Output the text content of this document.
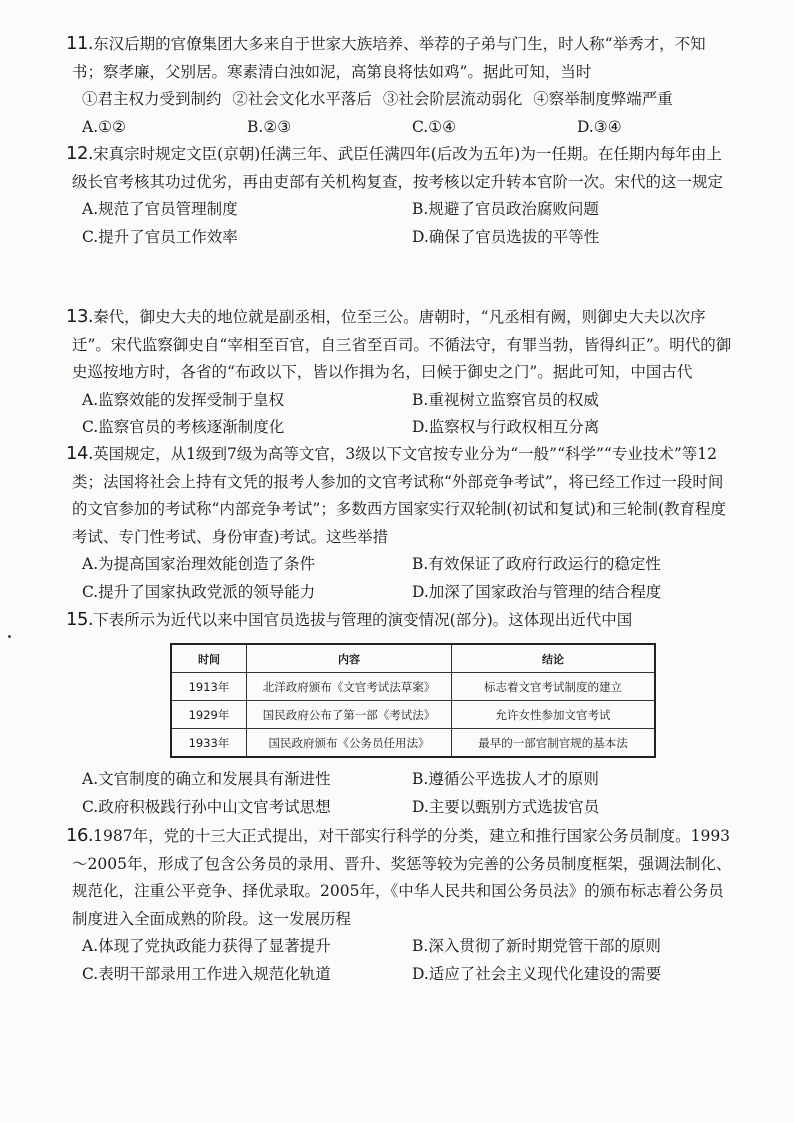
11.东汉后期的官僚集团大多来自于世家大族培养、举荐的子弟与门生，时人称“举秀才，不知书；察孝廉，父别居。寒素清白浊如泥，高第良将怯如鸡”。据此可知，当时
①君主权力受到制约 ②社会文化水平落后 ③社会阶层流动弱化 ④察举制度弊端严重
A.①②	B.②③	C.①④	D.③④
12.宋真宗时规定文臣(京朝)任满三年、武臣任满四年(后改为五年)为一任期。在任期内每年由上级长官考核其功过优劣，再由吏部有关机构复查，按考核以定升转本官阶一次。宋代的这一规定
A.规范了官员管理制度	B.规避了官员政治腐败问题
C.提升了官员工作效率	D.确保了官员选拔的平等性
13.秦代，御史大夫的地位就是副丞相，位至三公。唐朝时，“凡丞相有阙，则御史大夫以次序迁”。宋代监察御史自“宰相至百官，自三省至百司。不循法守，有罪当勃，皆得纠正”。明代的御史巡按地方时，各省的“布政以下，皆以作揖为名，曰候于御史之门”。据此可知，中国古代
A.监察效能的发挥受制于皇权	B.重视树立监察官员的权威
C.监察官员的考核逐渐制度化	D.监察权与行政权相互分离
14.英国规定，从1级到7级为高等文官，3级以下文官按专业分为“一般”“科学”“专业技术”等12类；法国将社会上持有文凭的报考人参加的文官考试称“外部竞争考试”，将已经工作过一段时间的文官参加的考试称“内部竞争考试”；多数西方国家实行双轮制(初试和复试)和三轮制(教育程度考试、专门性考试、身份审查)考试。这些举措
A.为提高国家治理效能创造了条件	B.有效保证了政府行政运行的稳定性
C.提升了国家执政党派的领导能力	D.加深了国家政治与管理的结合程度
15.下表所示为近代以来中国官员选拔与管理的演变情况(部分)。这体现出近代中国
时间	内容	结论
1913年	北洋政府颁布《文官考试法草案》	标志着文官考试制度的建立
1929年	国民政府公布了第一部《考试法》	允许女性参加文官考试
1933年	国民政府颁布《公务员任用法》	最早的一部官制官规的基本法
A.文官制度的确立和发展具有渐进性	B.遵循公平选拔人才的原则
C.政府积极践行孙中山文官考试思想	D.主要以甄别方式选拔官员
16.1987年，党的十三大正式提出，对干部实行科学的分类，建立和推行国家公务员制度。1993～2005年，形成了包含公务员的录用、晋升、奖惩等较为完善的公务员制度框架，强调法制化、规范化，注重公平竞争、择优录取。2005年，《中华人民共和国公务员法》的颁布标志着公务员制度进入全面成熟的阶段。这一发展历程
A.体现了党执政能力获得了显著提升	B.深入贯彻了新时期党管干部的原则
C.表明干部录用工作进入规范化轨道	D.适应了社会主义现代化建设的需要
